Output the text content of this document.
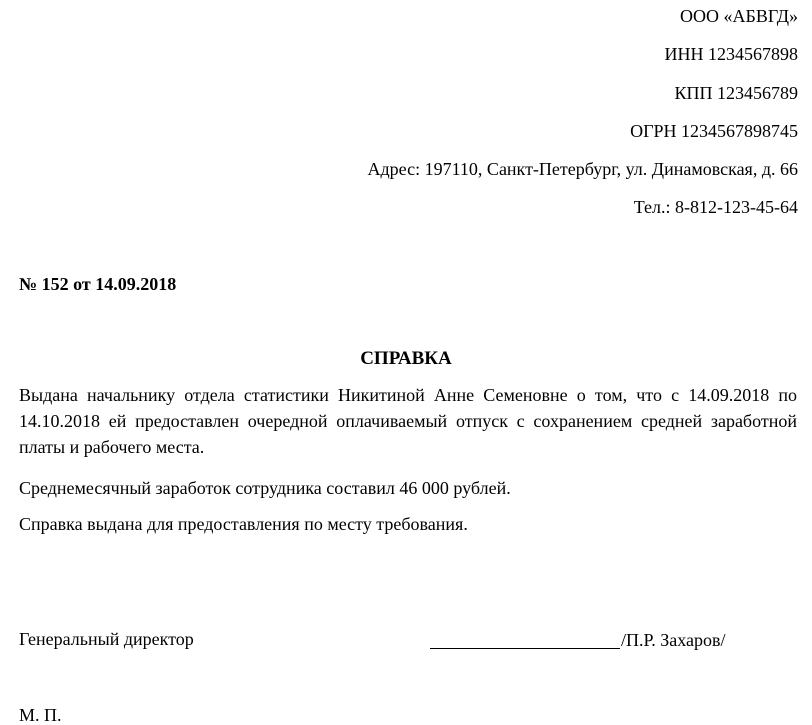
ООО «АБВГД»
ИНН 1234567898
КПП 123456789
ОГРН 1234567898745
Адрес: 197110, Санкт-Петербург, ул. Динамовская, д. 66
Тел.: 8-812-123-45-64
№ 152 от 14.09.2018
СПРАВКА
Выдана начальнику отдела статистики Никитиной Анне Семеновне о том, что с 14.09.2018 по 14.10.2018 ей предоставлен очередной оплачиваемый отпуск с сохранением средней заработной платы и рабочего места.
Среднемесячный заработок сотрудника составил 46 000 рублей.
Справка выдана для предоставления по месту требования.
Генеральный директор	/П.Р. Захаров/
М. П.
